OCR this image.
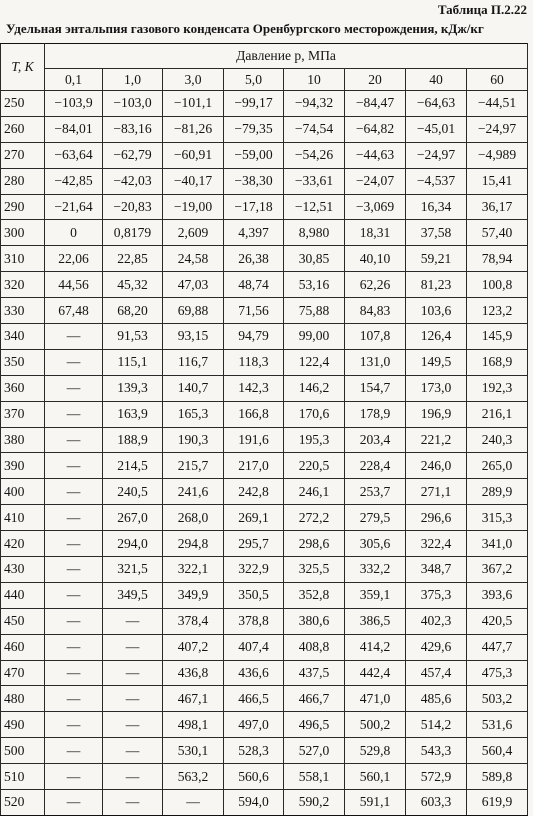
Таблица П.2.22
Удельная энтальпия газового конденсата Оренбургского месторождения, кДж/кг
T, К	Давление p, МПа							
	0,1	1,0	3,0	5,0	10	20	40	60
250	−103,9	−103,0	−101,1	−99,17	−94,32	−84,47	−64,63	−44,51
260	−84,01	−83,16	−81,26	−79,35	−74,54	−64,82	−45,01	−24,97
270	−63,64	−62,79	−60,91	−59,00	−54,26	−44,63	−24,97	−4,989
280	−42,85	−42,03	−40,17	−38,30	−33,61	−24,07	−4,537	15,41
290	−21,64	−20,83	−19,00	−17,18	−12,51	−3,069	16,34	36,17
300	0	0,8179	2,609	4,397	8,980	18,31	37,58	57,40
310	22,06	22,85	24,58	26,38	30,85	40,10	59,21	78,94
320	44,56	45,32	47,03	48,74	53,16	62,26	81,23	100,8
330	67,48	68,20	69,88	71,56	75,88	84,83	103,6	123,2
340	—	91,53	93,15	94,79	99,00	107,8	126,4	145,9
350	—	115,1	116,7	118,3	122,4	131,0	149,5	168,9
360	—	139,3	140,7	142,3	146,2	154,7	173,0	192,3
370	—	163,9	165,3	166,8	170,6	178,9	196,9	216,1
380	—	188,9	190,3	191,6	195,3	203,4	221,2	240,3
390	—	214,5	215,7	217,0	220,5	228,4	246,0	265,0
400	—	240,5	241,6	242,8	246,1	253,7	271,1	289,9
410	—	267,0	268,0	269,1	272,2	279,5	296,6	315,3
420	—	294,0	294,8	295,7	298,6	305,6	322,4	341,0
430	—	321,5	322,1	322,9	325,5	332,2	348,7	367,2
440	—	349,5	349,9	350,5	352,8	359,1	375,3	393,6
450	—	—	378,4	378,8	380,6	386,5	402,3	420,5
460	—	—	407,2	407,4	408,8	414,2	429,6	447,7
470	—	—	436,8	436,6	437,5	442,4	457,4	475,3
480	—	—	467,1	466,5	466,7	471,0	485,6	503,2
490	—	—	498,1	497,0	496,5	500,2	514,2	531,6
500	—	—	530,1	528,3	527,0	529,8	543,3	560,4
510	—	—	563,2	560,6	558,1	560,1	572,9	589,8
520	—	—	—	594,0	590,2	591,1	603,3	619,9
